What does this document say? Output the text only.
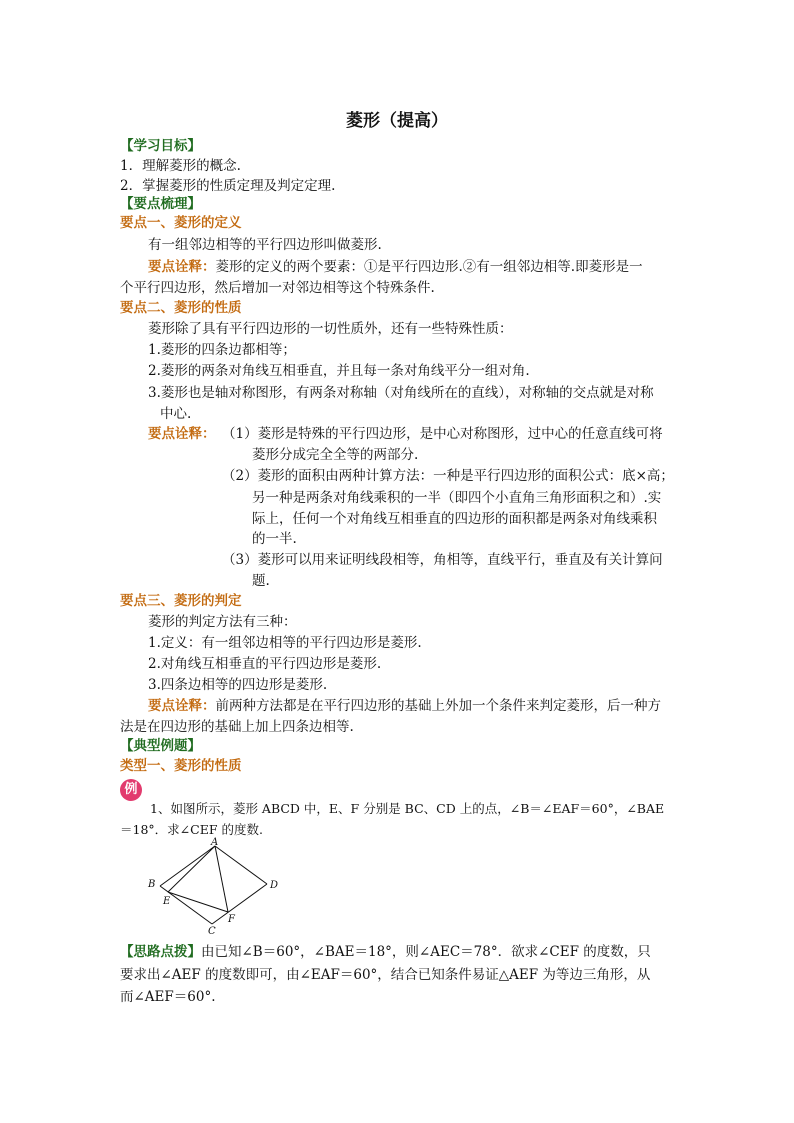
菱形（提高）
【学习目标】
1．理解菱形的概念.
2．掌握菱形的性质定理及判定定理.
【要点梳理】
要点一、菱形的定义
有一组邻边相等的平行四边形叫做菱形.
要点诠释：菱形的定义的两个要素：①是平行四边形.②有一组邻边相等.即菱形是一
个平行四边形，然后增加一对邻边相等这个特殊条件.
要点二、菱形的性质
菱形除了具有平行四边形的一切性质外，还有一些特殊性质：
1.菱形的四条边都相等；
2.菱形的两条对角线互相垂直，并且每一条对角线平分一组对角.
3.菱形也是轴对称图形，有两条对称轴（对角线所在的直线），对称轴的交点就是对称
中心.
要点诠释： （1）菱形是特殊的平行四边形，是中心对称图形，过中心的任意直线可将
菱形分成完全全等的两部分.
（2）菱形的面积由两种计算方法：一种是平行四边形的面积公式：底×高；
另一种是两条对角线乘积的一半（即四个小直角三角形面积之和）.实
际上，任何一个对角线互相垂直的四边形的面积都是两条对角线乘积
的一半.
（3）菱形可以用来证明线段相等，角相等，直线平行，垂直及有关计算问
题.
要点三、菱形的判定
菱形的判定方法有三种：
1.定义：有一组邻边相等的平行四边形是菱形.
2.对角线互相垂直的平行四边形是菱形.
3.四条边相等的四边形是菱形.
要点诠释：前两种方法都是在平行四边形的基础上外加一个条件来判定菱形，后一种方
法是在四边形的基础上加上四条边相等.
【典型例题】
类型一、菱形的性质
例
1、如图所示，菱形 ABCD 中，E、F 分别是 BC、CD 上的点，∠B＝∠EAF＝60°，∠BAE
＝18°．求∠CEF 的度数.
A
B
C
D
E
F
【思路点拨】由已知∠B＝60°，∠BAE＝18°，则∠AEC＝78°．欲求∠CEF 的度数，只
要求出∠AEF 的度数即可，由∠EAF＝60°，结合已知条件易证△AEF 为等边三角形，从
而∠AEF＝60°.
